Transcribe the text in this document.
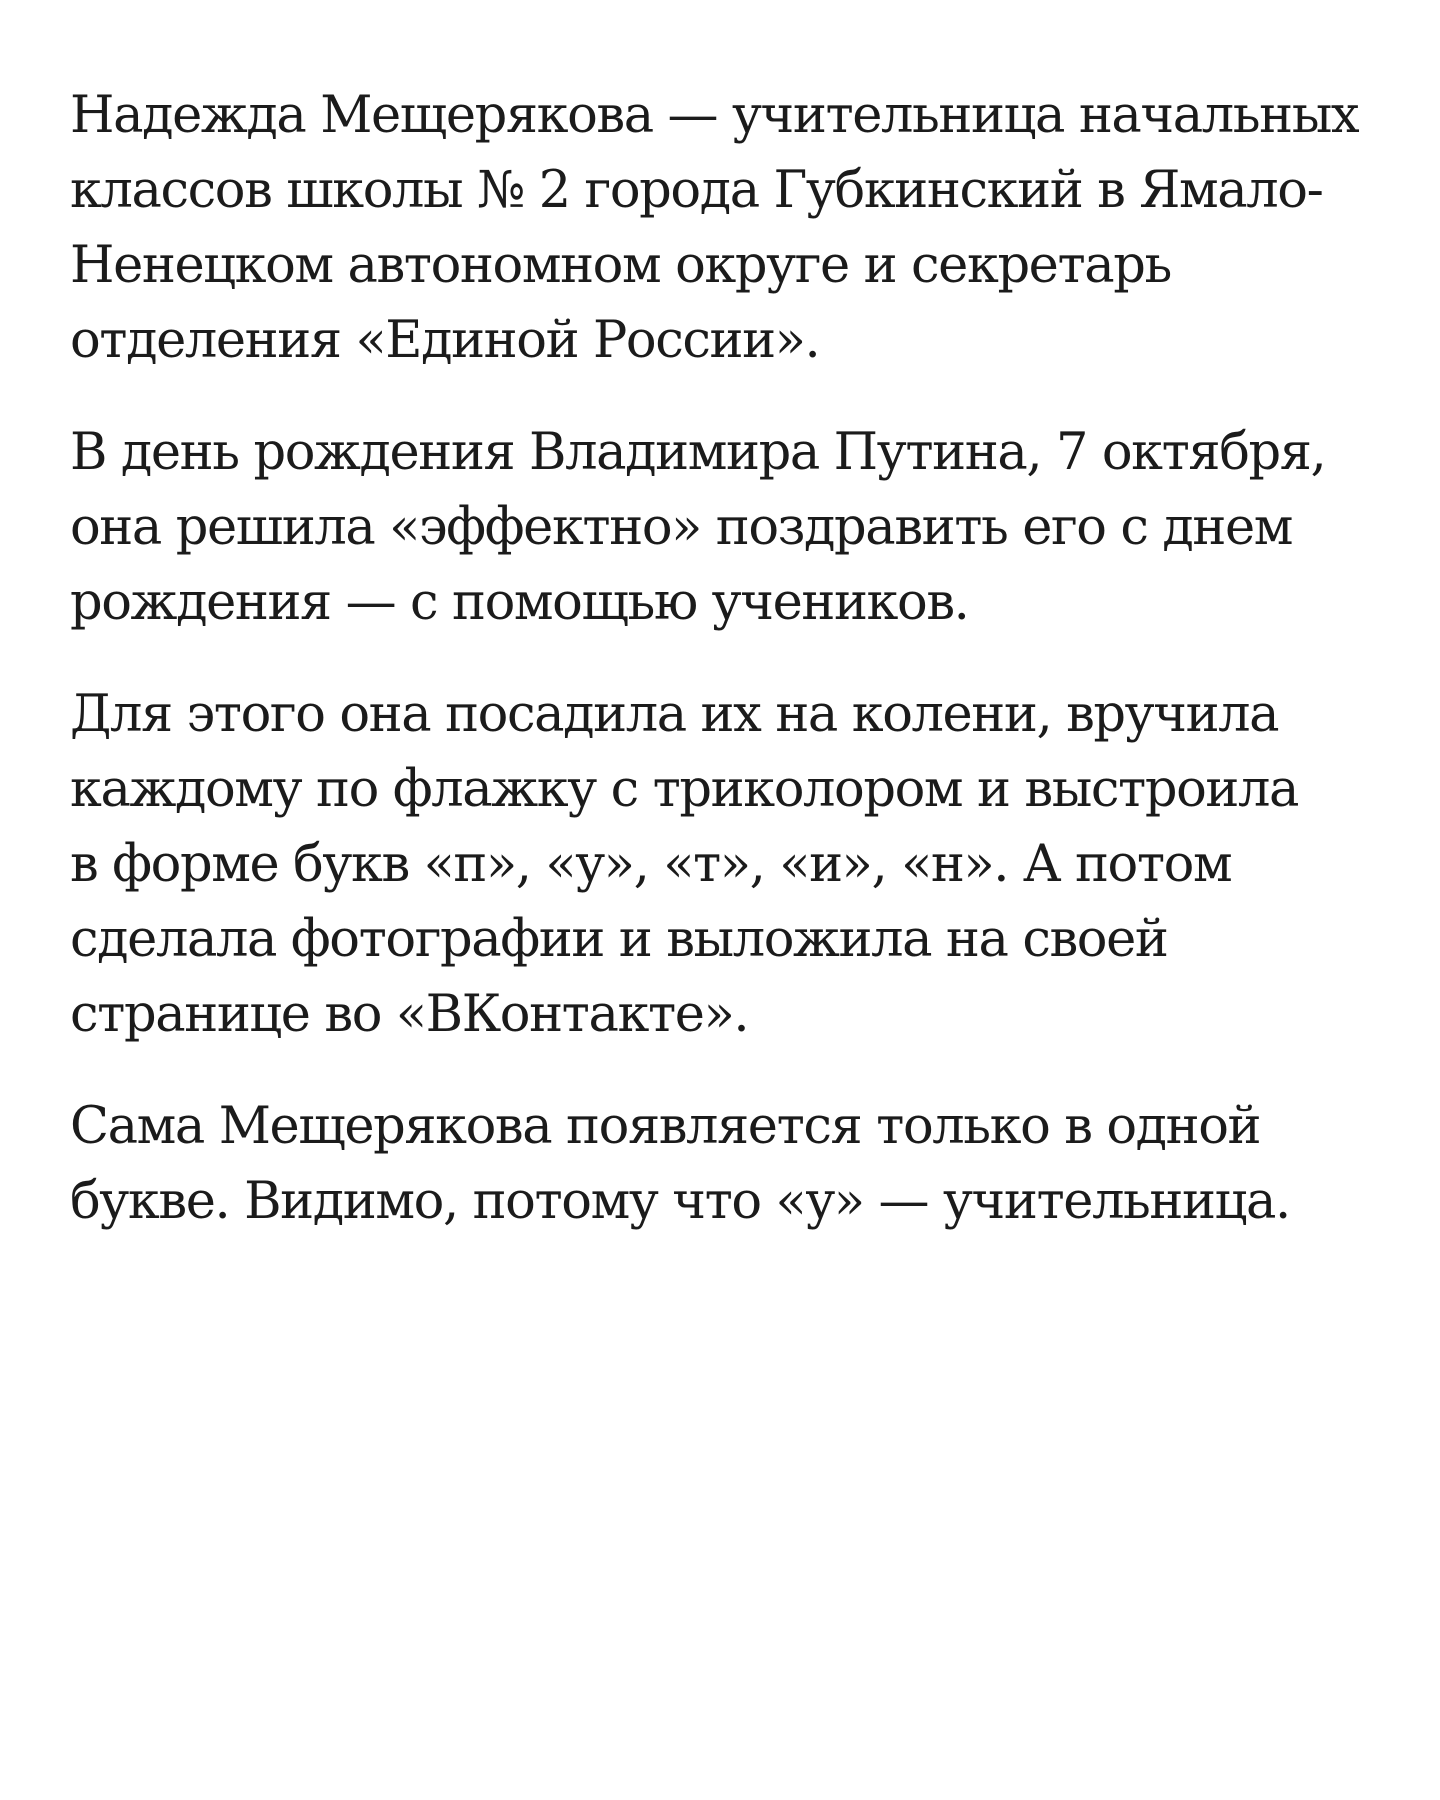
Надежда Мещерякова — учительница начальных
классов школы № 2 города Губкинский в Ямало-
Ненецком автономном округе и секретарь
отделения «Единой России».

В день рождения Владимира Путина, 7 октября,
она решила «эффектно» поздравить его с днем
рождения — с помощью учеников.

Для этого она посадила их на колени, вручила
каждому по флажку с триколором и выстроила
в форме букв «п», «у», «т», «и», «н». А потом
сделала фотографии и выложила на своей
странице во «ВКонтакте».

Сама Мещерякова появляется только в одной
букве. Видимо, потому что «у» — учительница.
